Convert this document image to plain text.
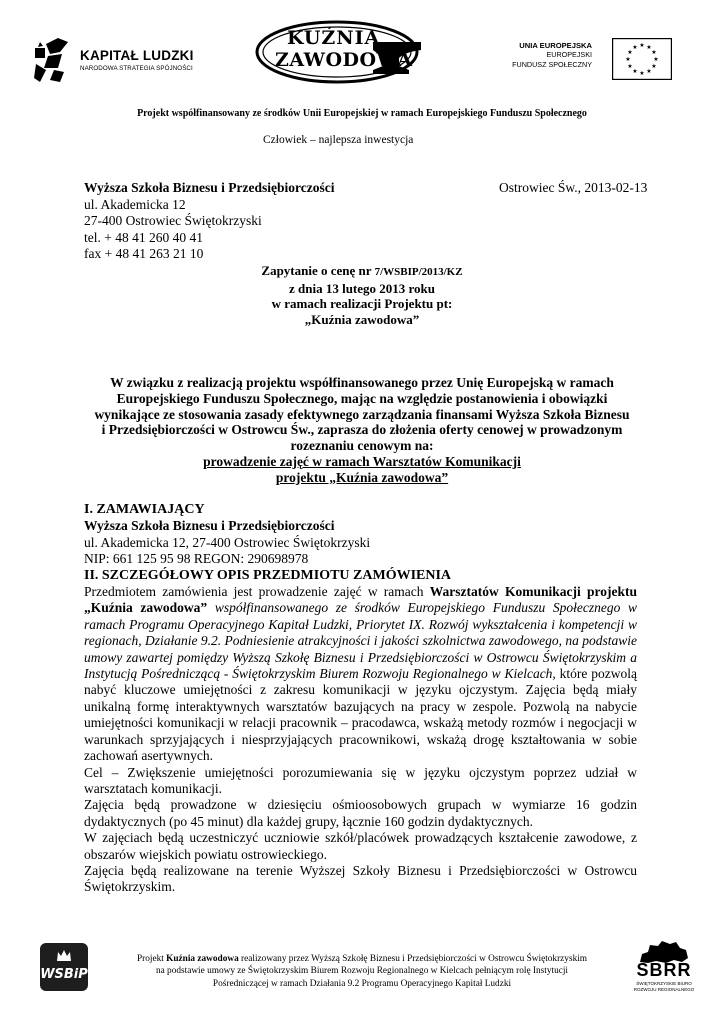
KAPITAŁ LUDZKI
NARODOWA STRATEGIA SPÓJNOŚCI
KUŹNIA
ZAWODOWA
UNIA EUROPEJSKA
EUROPEJSKI
FUNDUSZ SPOŁECZNY
★ ★
★
★
★
★
★
★
★
★
★
★
Projekt współfinansowany ze środków Unii Europejskiej w ramach Europejskiego Funduszu Społecznego
Człowiek – najlepsza inwestycja
Wyższa Szkoła Biznesu i Przedsiębiorczości
ul. Akademicka 12
27-400 Ostrowiec Świętokrzyski
tel. + 48 41 260 40 41
fax + 48 41 263 21 10
Ostrowiec Św., 2013-02-13
Zapytanie o cenę nr 7/WSBIP/2013/KZ
z dnia 13 lutego 2013 roku
w ramach realizacji Projektu pt:
„Kuźnia zawodowa”
W związku z realizacją projektu współfinansowanego przez Unię Europejską w ramach
Europejskiego Funduszu Społecznego, mając na względzie postanowienia i obowiązki
wynikające ze stosowania zasady efektywnego zarządzania finansami Wyższa Szkoła Biznesu
i Przedsiębiorczości w Ostrowcu Św., zaprasza do złożenia oferty cenowej w prowadzonym
rozeznaniu cenowym na:
prowadzenie zajęć w ramach Warsztatów Komunikacji
projektu „Kuźnia zawodowa”
I. ZAMAWIAJĄCY
Wyższa Szkoła Biznesu i Przedsiębiorczości
ul. Akademicka 12, 27-400 Ostrowiec Świętokrzyski
NIP: 661 125 95 98 REGON: 290698978
II. SZCZEGÓŁOWY OPIS PRZEDMIOTU ZAMÓWIENIA
Przedmiotem zamówienia jest prowadzenie zajęć w ramach Warsztatów Komunikacji projektu „Kuźnia zawodowa” współfinansowanego ze środków Europejskiego Funduszu Społecznego w ramach Programu Operacyjnego Kapitał Ludzki, Priorytet IX. Rozwój wykształcenia i kompetencji w regionach, Działanie 9.2. Podniesienie atrakcyjności i jakości szkolnictwa zawodowego, na podstawie umowy zawartej pomiędzy Wyższą Szkołę Biznesu i Przedsiębiorczości w Ostrowcu Świętokrzyskim a Instytucją Pośredniczącą - Świętokrzyskim Biurem Rozwoju Regionalnego w Kielcach, które pozwolą nabyć kluczowe umiejętności z zakresu komunikacji w języku ojczystym. Zajęcia będą miały unikalną formę interaktywnych warsztatów bazujących na pracy w zespole. Pozwolą na nabycie umiejętności komunikacji w relacji pracownik – pracodawca, wskażą metody rozmów i negocjacji w warunkach sprzyjających i niesprzyjających pracownikowi, wskażą drogę kształtowania w sobie zachowań asertywnych.
Cel – Zwiększenie umiejętności porozumiewania się w języku ojczystym poprzez udział w warsztatach komunikacji.
Zajęcia będą prowadzone w dziesięciu ośmioosobowych grupach w wymiarze 16 godzin dydaktycznych (po 45 minut) dla każdej grupy, łącznie 160 godzin dydaktycznych.
W zajęciach będą uczestniczyć uczniowie szkół/placówek prowadzących kształcenie zawodowe, z obszarów wiejskich powiatu ostrowieckiego.
Zajęcia będą realizowane na terenie Wyższej Szkoły Biznesu i Przedsiębiorczości w Ostrowcu Świętokrzyskim.
WSBiP
Projekt Kuźnia zawodowa realizowany przez Wyższą Szkołę Biznesu i Przedsiębiorczości w Ostrowcu Świętokrzyskim
na podstawie umowy ze Świętokrzyskim Biurem Rozwoju Regionalnego w Kielcach pełniącym rolę Instytucji
Pośredniczącej w ramach Działania 9.2 Programu Operacyjnego Kapitał Ludzki
SBRR
ŚWIĘTOKRZYSKIE BIURO
ROZWOJU REGIONALNEGO
